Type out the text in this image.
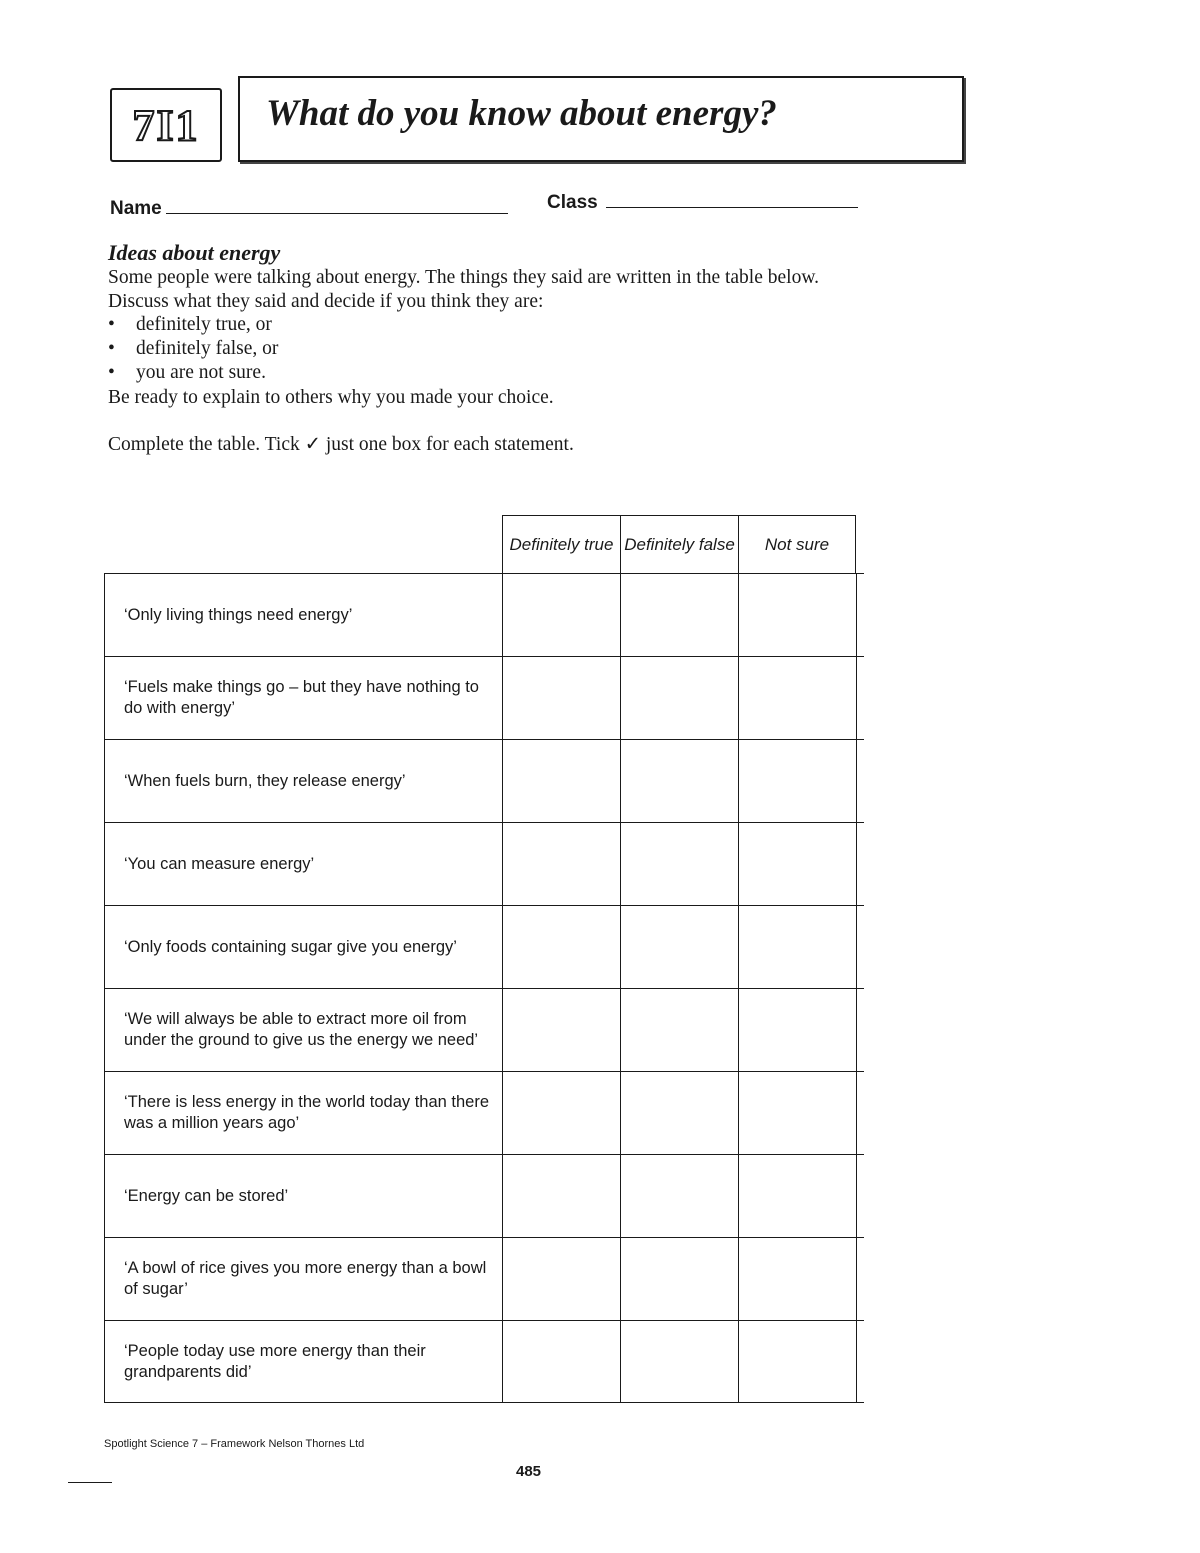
7I1 What do you know about energy?
Name	Class
Ideas about energy
Some people were talking about energy. The things they said are written in the table below.
Discuss what they said and decide if you think they are:
• definitely true, or
• definitely false, or
• you are not sure.
Be ready to explain to others why you made your choice.
Complete the table. Tick ✓ just one box for each statement.
Definitely true Definitely false	Not sure
‘Only living things need energy’
‘Fuels make things go – but they have nothing to do with energy’
‘When fuels burn, they release energy’
‘You can measure energy’
‘Only foods containing sugar give you energy’
‘We will always be able to extract more oil from under the ground to give us the energy we need’
‘There is less energy in the world today than there was a million years ago’
‘Energy can be stored’
‘A bowl of rice gives you more energy than a bowl of sugar’
‘People today use more energy than their grandparents did’
Spotlight Science 7 – Framework Nelson Thornes Ltd
485
